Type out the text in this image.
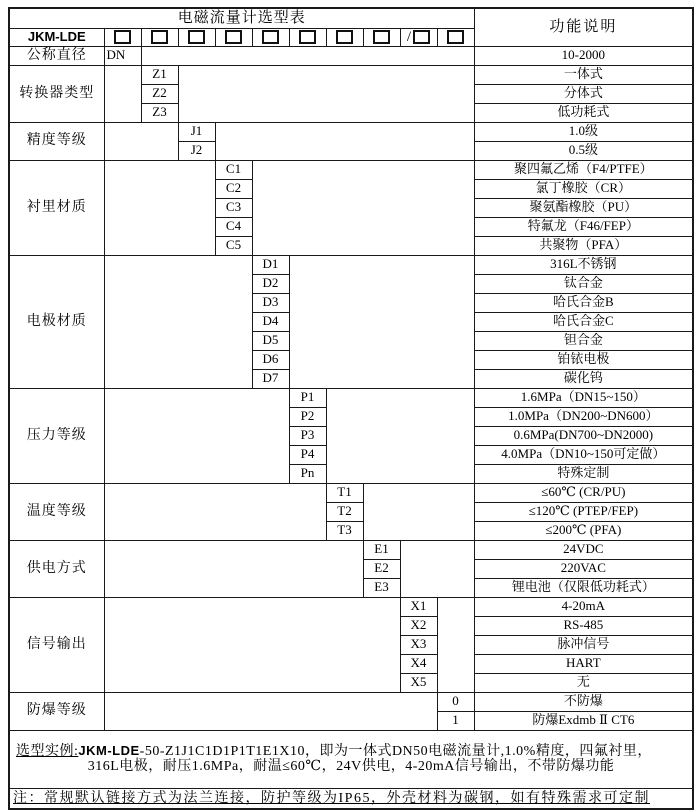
电磁流量计选型表											功能说明
JKM-LDE									/		
公称直径	DN										10-2000
转换器类型		Z1									一体式
		Z2									分体式
		Z3									低功耗式
精度等级			J1								1.0级
			J2								0.5级
衬里材质				C1							聚四氟乙烯（F4/PTFE）
				C2							氯丁橡胶（CR）
				C3							聚氨酯橡胶（PU）
				C4							特氟龙（F46/FEP）
				C5							共聚物（PFA）
电极材质					D1						316L不锈钢
					D2						钛合金
					D3						哈氏合金B
					D4						哈氏合金C
					D5						钽合金
					D6						铂铱电极
					D7						碳化钨
压力等级						P1					1.6MPa（DN15~150）
						P2					1.0MPa（DN200~DN600）
						P3					0.6MPa(DN700~DN2000)
						P4					4.0MPa（DN10~150可定做）
						Pn					特殊定制
温度等级							T1				≤60℃ (CR/PU)
							T2				≤120℃ (PTEP/FEP)
							T3				≤200℃ (PFA)
供电方式								E1			24VDC
								E2			220VAC
								E3			锂电池（仅限低功耗式）
信号输出									X1		4-20mA
									X2		RS-485
									X3		脉冲信号
									X4		HART
									X5		无
防爆等级										0	不防爆
										1	防爆Exdmb Ⅱ CT6

选型实例:JKM-LDE-50-Z1J1C1D1P1T1E1X10，即为一体式DN50电磁流量计,1.0%精度，四氟衬里，
316L电极，耐压1.6MPa，耐温≤60℃，24V供电，4-20mA信号输出，不带防爆功能											

注：常规默认链接方式为法兰连接，防护等级为IP65，外壳材料为碳钢，如有特殊需求可定制											
